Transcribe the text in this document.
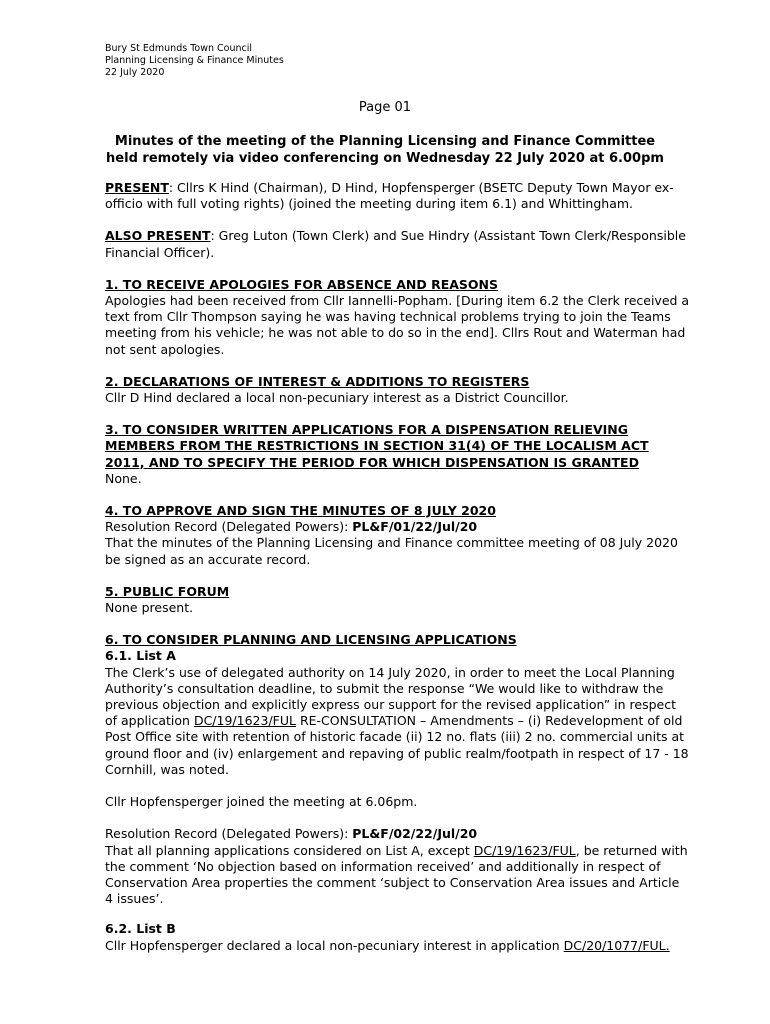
Bury St Edmunds Town Council
Planning Licensing & Finance Minutes
22 July 2020
Page 01
Minutes of the meeting of the Planning Licensing and Finance Committee
held remotely via video conferencing on Wednesday 22 July 2020 at 6.00pm

PRESENT: Cllrs K Hind (Chairman), D Hind, Hopfensperger (BSETC Deputy Town Mayor ex-officio with full voting rights) (joined the meeting during item 6.1) and Whittingham.

ALSO PRESENT: Greg Luton (Town Clerk) and Sue Hindry (Assistant Town Clerk/Responsible Financial Officer).

1. TO RECEIVE APOLOGIES FOR ABSENCE AND REASONS

Apologies had been received from Cllr Iannelli-Popham. [During item 6.2 the Clerk received a text from Cllr Thompson saying he was having technical problems trying to join the Teams meeting from his vehicle; he was not able to do so in the end]. Cllrs Rout and Waterman had not sent apologies.

2. DECLARATIONS OF INTEREST & ADDITIONS TO REGISTERS

Cllr D Hind declared a local non-pecuniary interest as a District Councillor.

3. TO CONSIDER WRITTEN APPLICATIONS FOR A DISPENSATION RELIEVING MEMBERS FROM THE RESTRICTIONS IN SECTION 31(4) OF THE LOCALISM ACT 2011, AND TO SPECIFY THE PERIOD FOR WHICH DISPENSATION IS GRANTED

None.

4. TO APPROVE AND SIGN THE MINUTES OF 8 JULY 2020

Resolution Record (Delegated Powers): PL&F/01/22/Jul/20

That the minutes of the Planning Licensing and Finance committee meeting of 08 July 2020 be signed as an accurate record.

5. PUBLIC FORUM

None present.

6. TO CONSIDER PLANNING AND LICENSING APPLICATIONS

6.1. List A

The Clerk’s use of delegated authority on 14 July 2020, in order to meet the Local Planning Authority’s consultation deadline, to submit the response “We would like to withdraw the previous objection and explicitly express our support for the revised application” in respect of application DC/19/1623/FUL RE-CONSULTATION – Amendments – (i) Redevelopment of old Post Office site with retention of historic facade (ii) 12 no. flats (iii) 2 no. commercial units at ground floor and (iv) enlargement and repaving of public realm/footpath in respect of 17 - 18 Cornhill, was noted.

Cllr Hopfensperger joined the meeting at 6.06pm.

Resolution Record (Delegated Powers): PL&F/02/22/Jul/20

That all planning applications considered on List A, except DC/19/1623/FUL, be returned with the comment ‘No objection based on information received’ and additionally in respect of Conservation Area properties the comment ‘subject to Conservation Area issues and Article 4 issues’.

6.2. List B

Cllr Hopfensperger declared a local non-pecuniary interest in application DC/20/1077/FUL.
